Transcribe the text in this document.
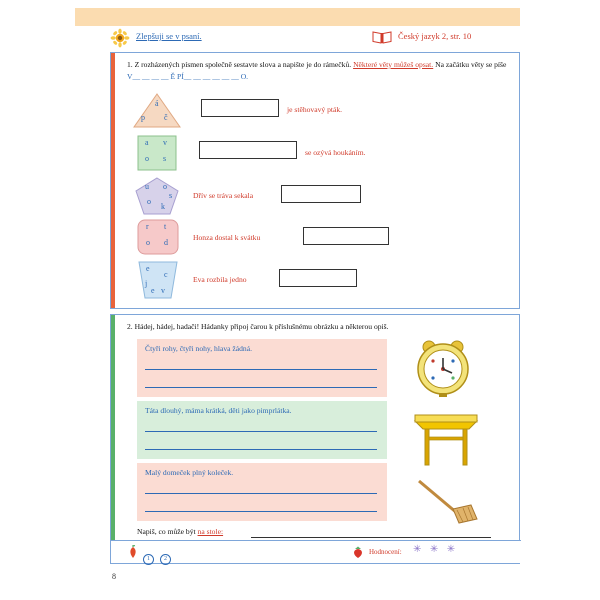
Zlepšuji se v psaní.	Český jazyk 2, str. 10
1. Z rozházených písmen společně sestavte slova a napište je do rámečků. Některé věty můžeš opsat. Na začátku věty se píše V__ __ __ __ Ě PÍ__ __ __ __ __ __ O.
á
p č
je stěhovavý pták.
a v
o s
se ozývá houkáním.
u o
s
o
k
Dřív se tráva sekala
r t
o d
Honza dostal k svátku
e
c
j
v
e
Eva rozbila jedno
2. Hádej, hádej, hadači! Hádanky připoj čarou k příslušnému obrázku a některou opiš.
Čtyři rohy, čtyři nohy, hlava žádná.
Táta dlouhý, máma krátká, děti jako pimprlátka.
Malý domeček plný koleček.
Napiš, co může být na stole:
1 2
Hodnocení: ✳ ✳ ✳
8
